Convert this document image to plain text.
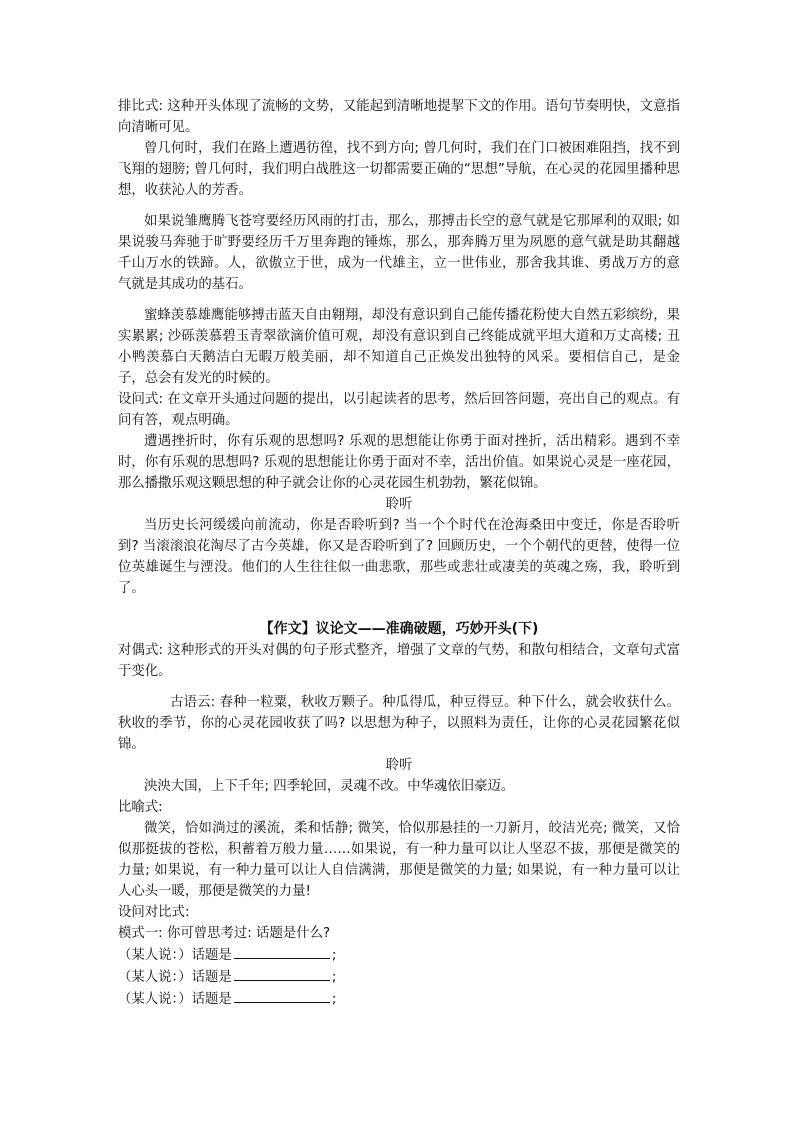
排比式: 这种开头体现了流畅的文势，又能起到清晰地提挈下文的作用。语句节奏明快，文意指向清晰可见。

曾几何时，我们在路上遭遇彷徨，找不到方向; 曾几何时，我们在门口被困难阻挡，找不到飞翔的翅膀; 曾几何时，我们明白战胜这一切都需要正确的“思想”导航，在心灵的花园里播种思想，收获沁人的芳香。

如果说雏鹰腾飞苍穹要经历风雨的打击，那么，那搏击长空的意气就是它那犀利的双眼; 如果说骏马奔驰于旷野要经历千万里奔跑的锤炼，那么，那奔腾万里为夙愿的意气就是助其翻越千山万水的铁蹄。人，欲傲立于世，成为一代雄主，立一世伟业，那舍我其谁、勇战万方的意气就是其成功的基石。

蜜蜂羡慕雄鹰能够搏击蓝天自由翱翔，却没有意识到自己能传播花粉使大自然五彩缤纷，果实累累; 沙砾羡慕碧玉青翠欲滴价值可观，却没有意识到自己终能成就平坦大道和万丈高楼; 丑小鸭羡慕白天鹅洁白无暇万般美丽，却不知道自己正焕发出独特的风采。要相信自己，是金子，总会有发光的时候的。

设问式: 在文章开头通过问题的提出，以引起读者的思考，然后回答问题，亮出自己的观点。有问有答，观点明确。

遭遇挫折时，你有乐观的思想吗? 乐观的思想能让你勇于面对挫折，活出精彩。遇到不幸时，你有乐观的思想吗? 乐观的思想能让你勇于面对不幸，活出价值。如果说心灵是一座花园，那么播撒乐观这颗思想的种子就会让你的心灵花园生机勃勃，繁花似锦。

聆听

当历史长河缓缓向前流动，你是否聆听到? 当一个个时代在沧海桑田中变迁，你是否聆听到? 当滚滚浪花淘尽了古今英雄，你又是否聆听到了? 回顾历史，一个个朝代的更替，使得一位位英雄诞生与湮没。他们的人生往往似一曲悲歌，那些或悲壮或凄美的英魂之殇，我，聆听到了。

【作文】议论文——准确破题，巧妙开头(下)

对偶式: 这种形式的开头对偶的句子形式整齐，增强了文章的气势，和散句相结合，文章句式富于变化。

古语云: 春种一粒粟，秋收万颗子。种瓜得瓜，种豆得豆。种下什么，就会收获什么。秋收的季节，你的心灵花园收获了吗? 以思想为种子，以照料为责任，让你的心灵花园繁花似锦。

聆听

泱泱大国，上下千年; 四季轮回，灵魂不改。中华魂依旧豪迈。

比喻式:

微笑，恰如淌过的溪流，柔和恬静; 微笑，恰似那悬挂的一刀新月，皎洁光亮; 微笑，又恰似那挺拔的苍松，积蓄着万般力量……如果说，有一种力量可以让人坚忍不拔，那便是微笑的力量; 如果说，有一种力量可以让人自信满满，那便是微笑的力量; 如果说，有一种力量可以让人心头一暖，那便是微笑的力量!

设问对比式:

模式一: 你可曾思考过: 话题是什么?

（某人说：）话题是	;

（某人说：）话题是	;

（某人说：）话题是	;
